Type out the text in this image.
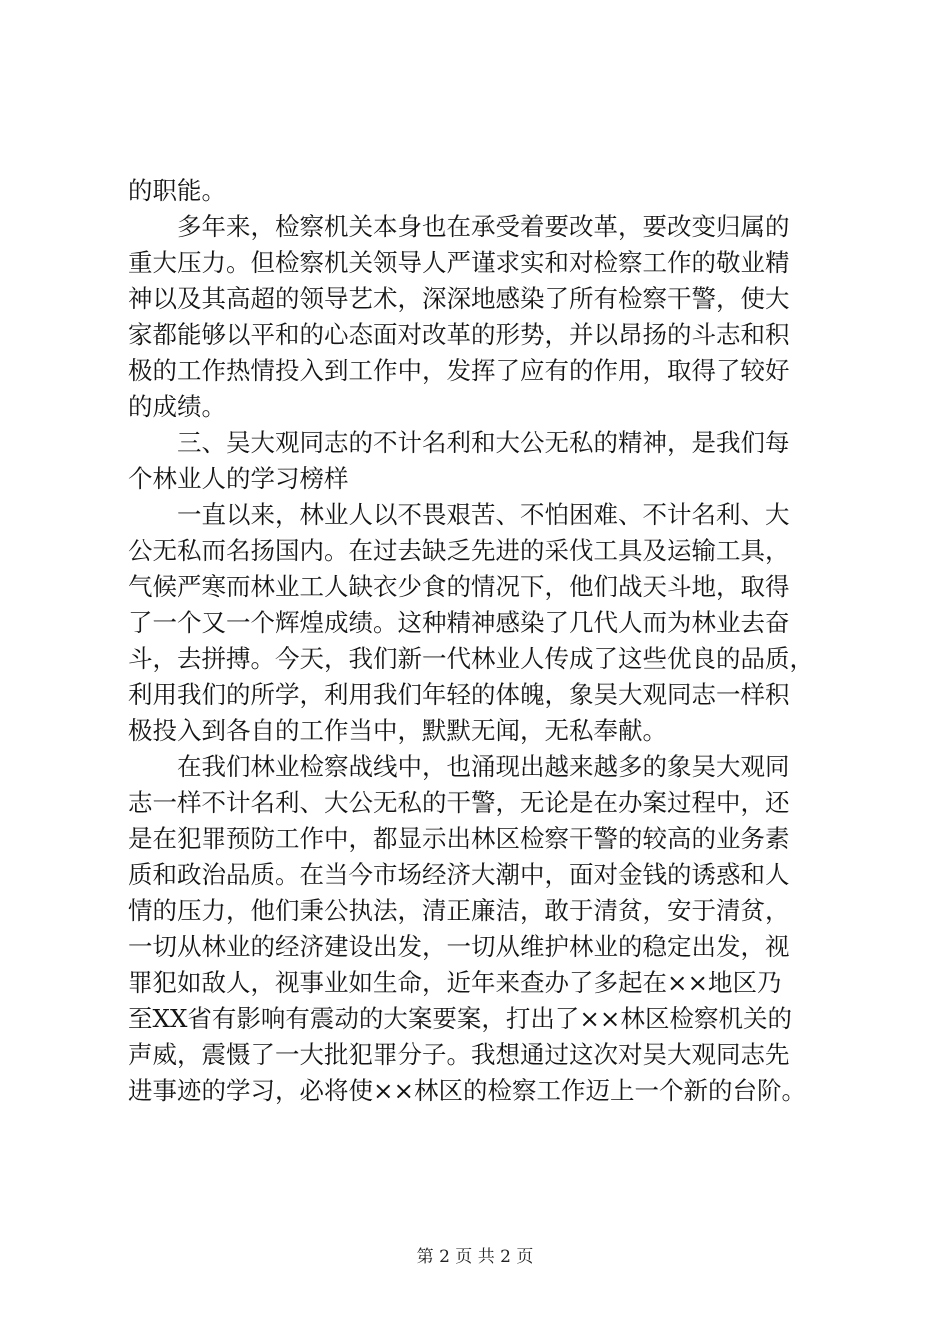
的职能。
　　多年来，检察机关本身也在承受着要改革，要改变归属的
重大压力。但检察机关领导人严谨求实和对检察工作的敬业精
神以及其高超的领导艺术，深深地感染了所有检察干警，使大
家都能够以平和的心态面对改革的形势，并以昂扬的斗志和积
极的工作热情投入到工作中，发挥了应有的作用，取得了较好
的成绩。
　　三、吴大观同志的不计名利和大公无私的精神，是我们每
个林业人的学习榜样
　　一直以来，林业人以不畏艰苦、不怕困难、不计名利、大
公无私而名扬国内。在过去缺乏先进的采伐工具及运输工具，
气候严寒而林业工人缺衣少食的情况下，他们战天斗地，取得
了一个又一个辉煌成绩。这种精神感染了几代人而为林业去奋
斗，去拼搏。今天，我们新一代林业人传成了这些优良的品质，
利用我们的所学，利用我们年轻的体魄，象吴大观同志一样积
极投入到各自的工作当中，默默无闻，无私奉献。
　　在我们林业检察战线中，也涌现出越来越多的象吴大观同
志一样不计名利、大公无私的干警，无论是在办案过程中，还
是在犯罪预防工作中，都显示出林区检察干警的较高的业务素
质和政治品质。在当今市场经济大潮中，面对金钱的诱惑和人
情的压力，他们秉公执法，清正廉洁，敢于清贫，安于清贫，
一切从林业的经济建设出发，一切从维护林业的稳定出发，视
罪犯如敌人，视事业如生命，近年来查办了多起在××地区乃
至XX省有影响有震动的大案要案，打出了××林区检察机关的
声威，震慑了一大批犯罪分子。我想通过这次对吴大观同志先
进事迹的学习，必将使××林区的检察工作迈上一个新的台阶。
第 2 页 共 2 页
